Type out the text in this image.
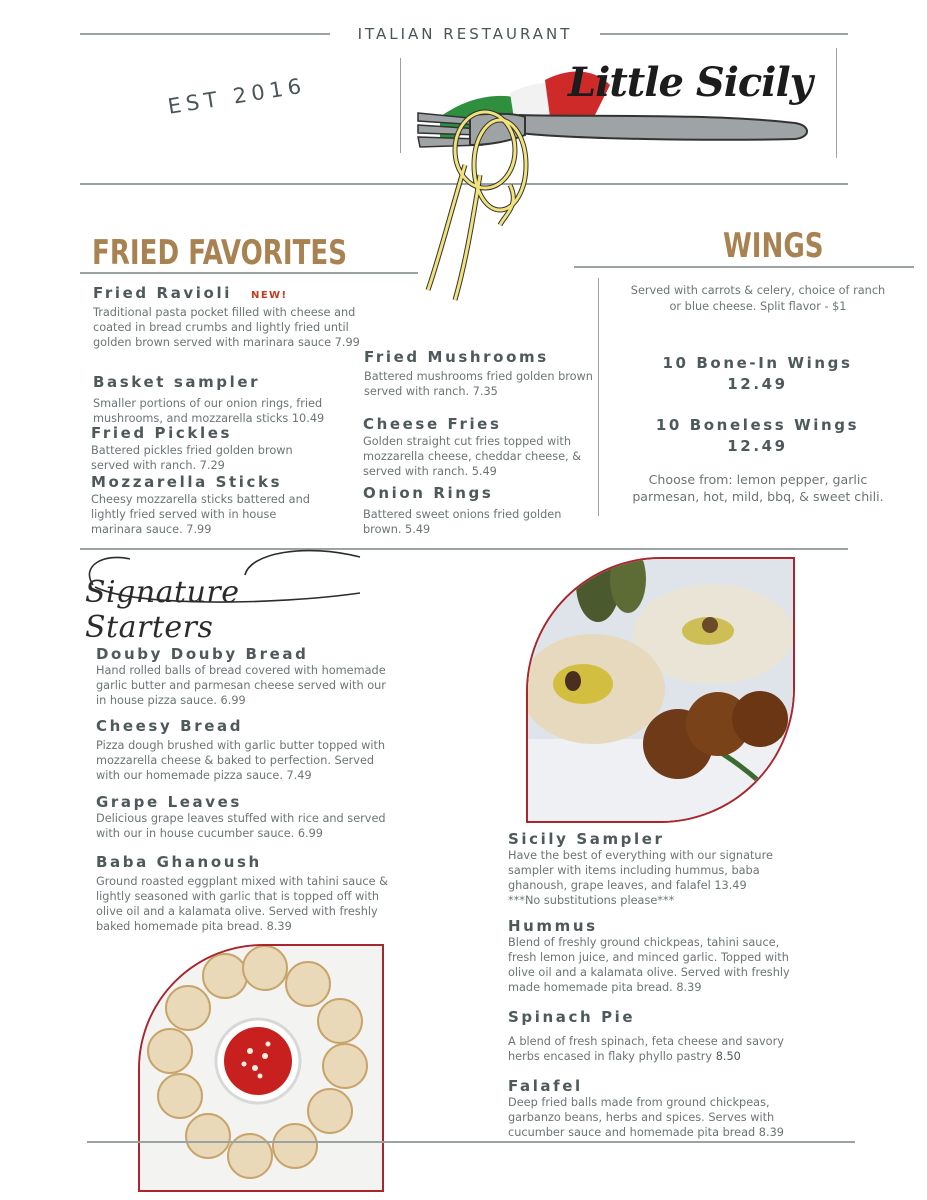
ITALIAN RESTAURANT
EST 2016	Little Sicily
FRIED FAVORITES
Fried Ravioli NEW!
Traditional pasta pocket filled with cheese and coated in bread crumbs and lightly fried until golden brown served with marinara sauce 7.99
Basket sampler
Smaller portions of our onion rings, fried mushrooms, and mozzarella sticks 10.49
Fried Pickles
Battered pickles fried golden brown served with ranch. 7.29
Mozzarella Sticks
Cheesy mozzarella sticks battered and lightly fried served with in house marinara sauce. 7.99
Fried Mushrooms
Battered mushrooms fried golden brown served with ranch. 7.35
Cheese Fries
Golden straight cut fries topped with mozzarella cheese, cheddar cheese, & served with ranch. 5.49
Onion Rings
Battered sweet onions fried golden brown. 5.49
WINGS
Served with carrots & celery, choice of ranch or blue cheese. Split flavor - $1
10 Bone-In Wings
12.49
10 Boneless Wings
12.49
Choose from: lemon pepper, garlic parmesan, hot, mild, bbq, & sweet chili.
Signature Starters
Douby Douby Bread
Hand rolled balls of bread covered with homemade garlic butter and parmesan cheese served with our in house pizza sauce. 6.99
Cheesy Bread
Pizza dough brushed with garlic butter topped with mozzarella cheese & baked to perfection. Served with our homemade pizza sauce. 7.49
Grape Leaves
Delicious grape leaves stuffed with rice and served with our in house cucumber sauce. 6.99
Baba Ghanoush
Ground roasted eggplant mixed with tahini sauce & lightly seasoned with garlic that is topped off with olive oil and a kalamata olive. Served with freshly baked homemade pita bread. 8.39
Sicily Sampler
Have the best of everything with our signature sampler with items including hummus, baba ghanoush, grape leaves, and falafel 13.49
***No substitutions please***
Hummus
Blend of freshly ground chickpeas, tahini sauce, fresh lemon juice, and minced garlic. Topped with olive oil and a kalamata olive. Served with freshly made homemade pita bread. 8.39
Spinach Pie
A blend of fresh spinach, feta cheese and savory herbs encased in flaky phyllo pastry 8.50
Falafel
Deep fried balls made from ground chickpeas, garbanzo beans, herbs and spices. Serves with cucumber sauce and homemade pita bread 8.39
